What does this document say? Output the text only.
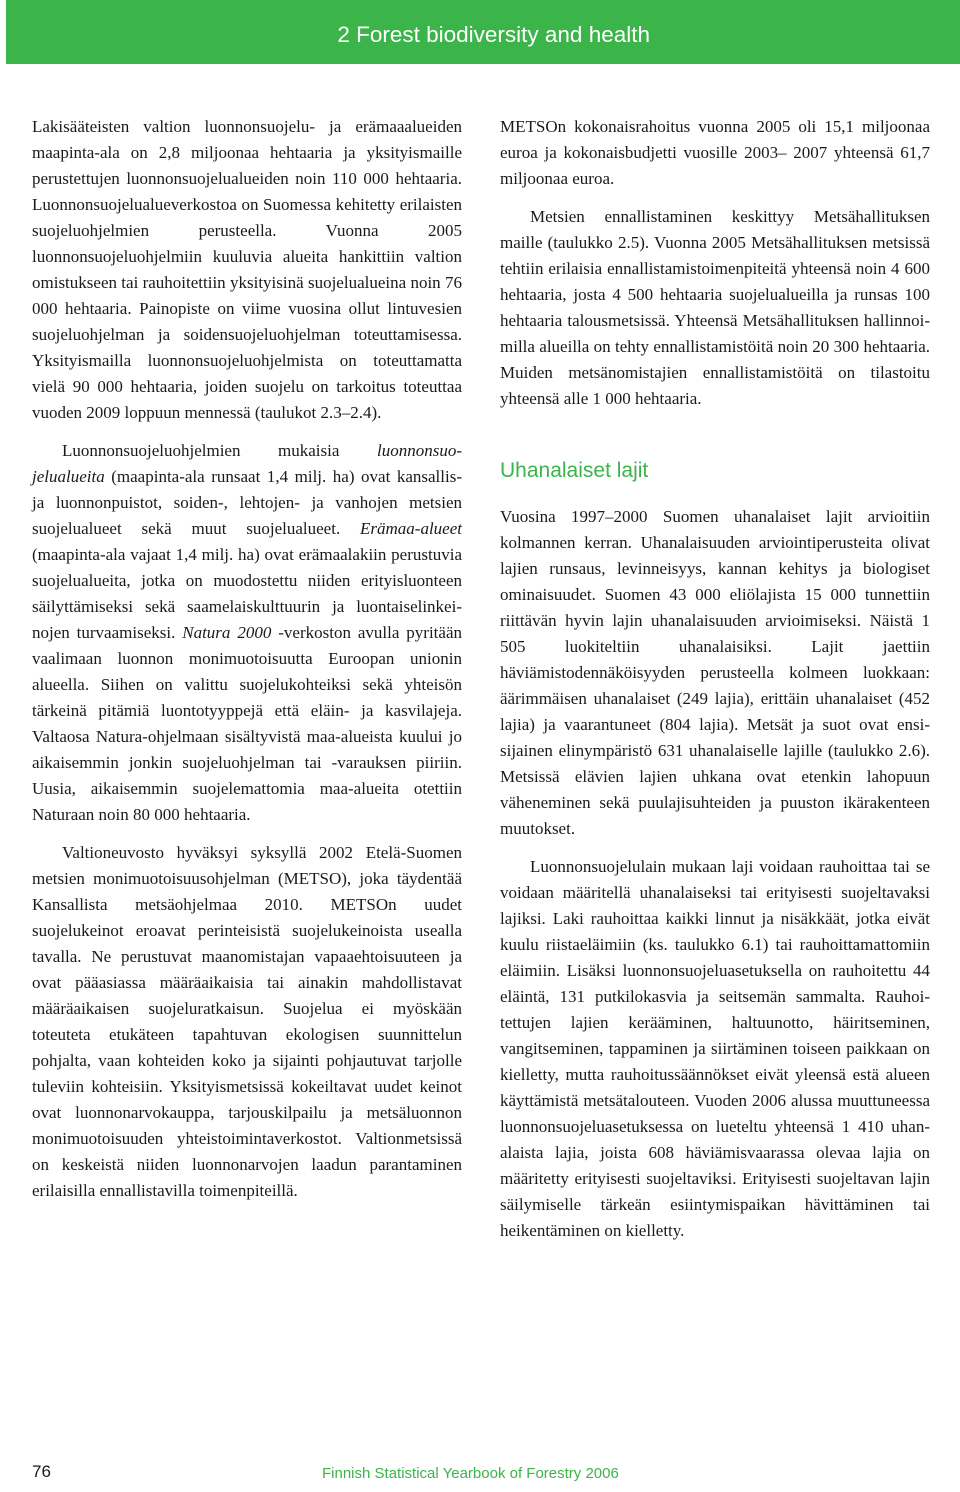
2 Forest biodiversity and health

Lakisääteisten valtion luonnonsuojelu- ja erämaaalueiden maapinta-ala on 2,8 miljoonaa hehtaaria ja yksityismaille perustettujen luonnonsuojelualueiden noin 110 000 hehtaaria. Luonnonsuojelualueverkostoa on Suomessa kehitetty erilaisten suojeluohjelmien perusteella. Vuonna 2005 luonnonsuojeluohjelmiin kuuluvia alueita hankittiin valtion omistukseen tai rauhoitettiin yksityisinä suojelualueina noin 76 000 hehtaaria. Painopiste on viime vuosina ollut lintuvesien suojeluohjelman ja soidensuojeluohjelman toteuttamisessa. Yksityismailla luonnonsuojeluohjelmista on toteuttamatta vielä 90 000 hehtaaria, joiden suojelu on tarkoitus toteuttaa vuoden 2009 loppuun mennessä (taulukot 2.3–2.4).

Luonnonsuojeluohjelmien mukaisia luonnonsuojelualueita (maapinta-ala runsaat 1,4 milj. ha) ovat kansallis- ja luonnonpuistot, soiden-, lehtojen- ja vanhojen metsien suojelualueet sekä muut suojelualueet. Erämaa-alueet (maapinta-ala vajaat 1,4 milj. ha) ovat erämaalakiin perustuvia suojelualueita, jotka on muodostettu niiden erityisluonteen säilyttämiseksi sekä saamelaiskulttuurin ja luontaiselinkeinojen turvaamiseksi. Natura 2000 -verkoston avulla pyritään vaalimaan luonnon monimuotoisuutta Euroopan unionin alueella. Siihen on valittu suojelukohteiksi sekä yhteisön tärkeinä pitämiä luontotyyppejä että eläin- ja kasvilajeja. Valtaosa Natura-ohjelmaan sisältyvistä maa-alueista kuului jo aikaisemmin jonkin suojeluohjelman tai -varauksen piiriin. Uusia, aikaisemmin suojelemattomia maa-alueita otettiin Naturaan noin 80 000 hehtaaria.

Valtioneuvosto hyväksyi syksyllä 2002 Etelä-Suomen metsien monimuotoisuusohjelman (METSO), joka täydentää Kansallista metsäohjelmaa 2010. METSOn uudet suojelukeinot eroavat perinteisistä suojelukeinoista usealla tavalla. Ne perustuvat maanomistajan vapaaehtoisuuteen ja ovat pääasiassa määräaikaisia tai ainakin mahdollistavat määräaikaisen suojeluratkaisun. Suojelua ei myöskään toteuteta etukäteen tapahtuvan ekologisen suunnittelun pohjalta, vaan kohteiden koko ja sijainti pohjautuvat tarjolle tuleviin kohteisiin. Yksityismetsissä kokeiltavat uudet keinot ovat luonnonarvokauppa, tarjouskilpailu ja metsäluonnon monimuotoisuuden yhteistoimintaverkostot. Valtionmetsissä on keskeistä niiden luonnonarvojen laadun parantaminen erilaisilla ennallistavilla toimenpiteillä.

METSOn kokonaisrahoitus vuonna 2005 oli 15,1 miljoonaa euroa ja kokonaisbudjetti vuosille 2003– 2007 yhteensä 61,7 miljoonaa euroa.

Metsien ennallistaminen keskittyy Metsähallituksen maille (taulukko 2.5). Vuonna 2005 Metsähallituksen metsissä tehtiin erilaisia ennallistamistoimenpiteitä yhteensä noin 4 600 hehtaaria, josta 4 500 hehtaaria suojelualueilla ja runsas 100 hehtaaria talousmetsissä. Yhteensä Metsähallituksen hallinnoimilla alueilla on tehty ennallistamistöitä noin 20 300 hehtaaria. Muiden metsänomistajien ennallistamistöitä on tilastoitu yhteensä alle 1 000 hehtaaria.

Uhanalaiset lajit

Vuosina 1997–2000 Suomen uhanalaiset lajit arvioitiin kolmannen kerran. Uhanalaisuuden arviointiperusteita olivat lajien runsaus, levinneisyys, kannan kehitys ja biologiset ominaisuudet. Suomen 43 000 eliölajista 15 000 tunnettiin riittävän hyvin lajin uhanalaisuuden arvioimiseksi. Näistä 1 505 luokiteltiin uhanalaisiksi. Lajit jaettiin häviämistodennäköisyyden perusteella kolmeen luokkaan: äärimmäisen uhanalaiset (249 lajia), erittäin uhanalaiset (452 lajia) ja vaarantuneet (804 lajia). Metsät ja suot ovat ensisijainen elinympäristö 631 uhanalaiselle lajille (taulukko 2.6). Metsissä elävien lajien uhkana ovat etenkin lahopuun väheneminen sekä puulajisuhteiden ja puuston ikärakenteen muutokset.

Luonnonsuojelulain mukaan laji voidaan rauhoittaa tai se voidaan määritellä uhanalaiseksi tai erityisesti suojeltavaksi lajiksi. Laki rauhoittaa kaikki linnut ja nisäkkäät, jotka eivät kuulu riistaeläimiin (ks. taulukko 6.1) tai rauhoittamattomiin eläimiin. Lisäksi luonnonsuojeluasetuksella on rauhoitettu 44 eläintä, 131 putkilokasvia ja seitsemän sammalta. Rauhoitettujen lajien kerääminen, haltuunotto, häiritseminen, vangitseminen, tappaminen ja siirtäminen toiseen paikkaan on kielletty, mutta rauhoitussäännökset eivät yleensä estä alueen käyttämistä metsätalouteen. Vuoden 2006 alussa muuttuneessa luonnonsuojeluasetuksessa on lueteltu yhteensä 1 410 uhanalaista lajia, joista 608 häviämisvaarassa olevaa lajia on määritetty erityisesti suojeltaviksi. Erityisesti suojeltavan lajin säilymiselle tärkeän esiintymispaikan hävittäminen tai heikentäminen on kielletty.

76	Finnish Statistical Yearbook of Forestry 2006
